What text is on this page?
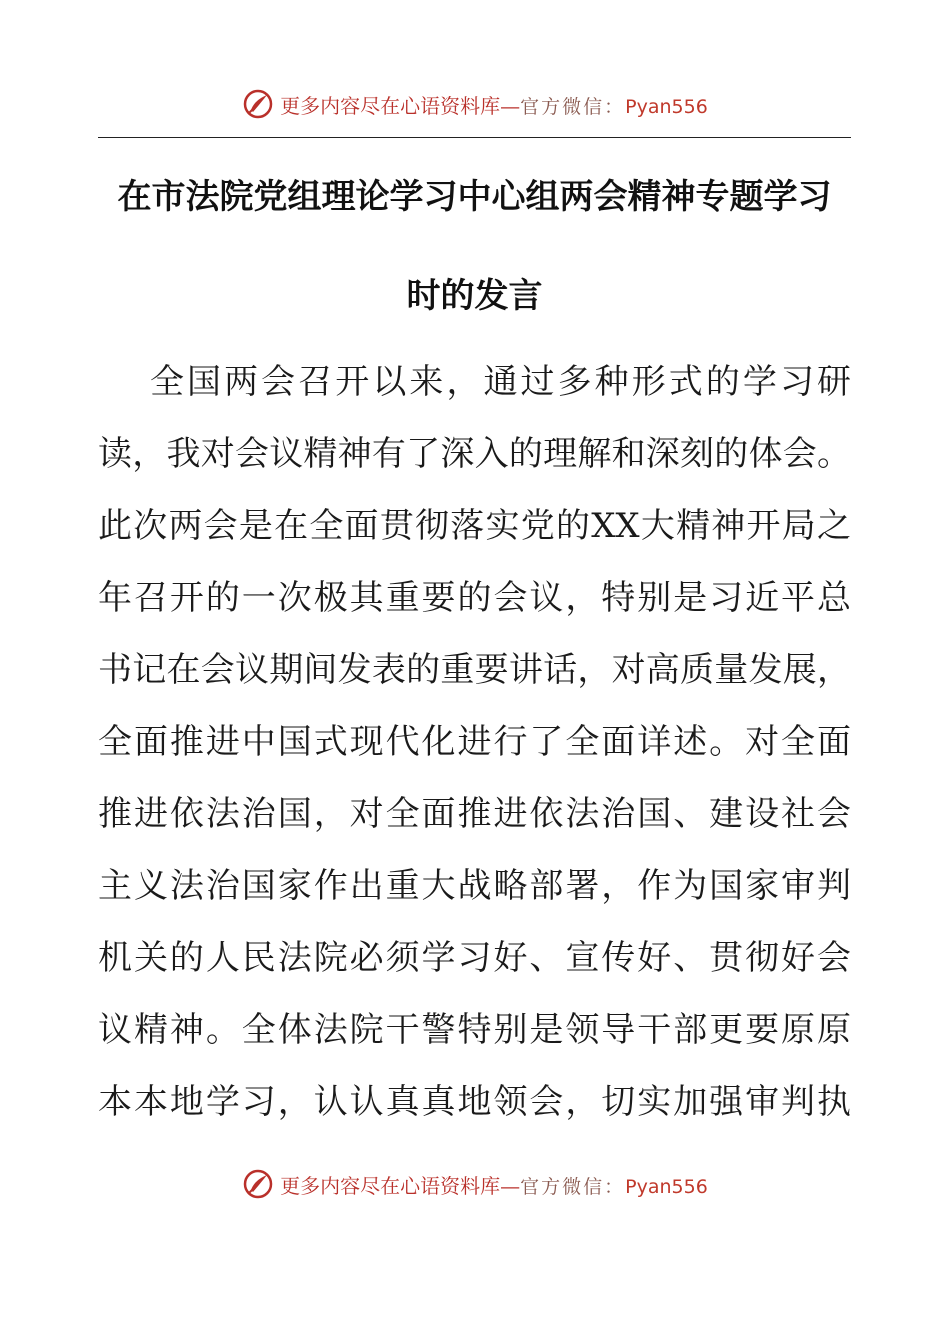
更多内容尽在心语资料库—官方微信：Pyan556
在市法院党组理论学习中心组两会精神专题学习
时的发言
全国两会召开以来，通过多种形式的学习研
读，我对会议精神有了深入的理解和深刻的体会。
此次两会是在全面贯彻落实党的XX大精神开局之
年召开的一次极其重要的会议，特别是习近平总
书记在会议期间发表的重要讲话，对高质量发展，
全面推进中国式现代化进行了全面详述。对全面
推进依法治国，对全面推进依法治国、建设社会
主义法治国家作出重大战略部署，作为国家审判
机关的人民法院必须学习好、宣传好、贯彻好会
议精神。全体法院干警特别是领导干部更要原原
本本地学习，认认真真地领会，切实加强审判执
更多内容尽在心语资料库—官方微信：Pyan556
